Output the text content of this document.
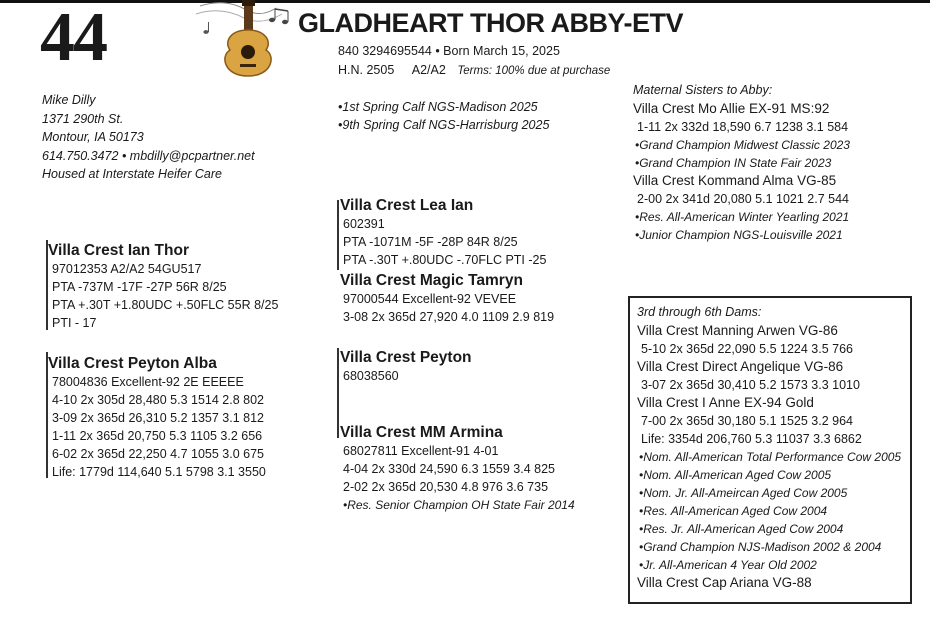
44	GLADHEART THOR ABBY-ETV
840 3294695544 • Born March 15, 2025
H.N. 2505 A2/A2 Terms: 100% due at purchase
•1st Spring Calf NGS-Madison 2025
•9th Spring Calf NGS-Harrisburg 2025
Mike Dilly
1371 290th St.
Montour, IA 50173
614.750.3472 • mbdilly@pcpartner.net
Housed at Interstate Heifer Care
Villa Crest Ian Thor
97012353 A2/A2 54GU517
PTA -737M -17F -27P 56R 8/25
PTA +.30T +1.80UDC +.50FLC 55R 8/25
PTI - 17
Villa Crest Peyton Alba
78004836 Excellent-92 2E EEEEE
4-10 2x 305d 28,480 5.3 1514 2.8 802
3-09 2x 365d 26,310 5.2 1357 3.1 812
1-11 2x 365d 20,750 5.3 1105 3.2 656
6-02 2x 365d 22,250 4.7 1055 3.0 675
Life: 1779d 114,640 5.1 5798 3.1 3550
Villa Crest Lea Ian
602391
PTA -1071M -5F -28P 84R 8/25
PTA -.30T +.80UDC -.70FLC PTI -25
Villa Crest Magic Tamryn
97000544 Excellent-92 VEVEE
3-08 2x 365d 27,920 4.0 1109 2.9 819
Villa Crest Peyton
68038560
Villa Crest MM Armina
68027811 Excellent-91 4-01
4-04 2x 330d 24,590 6.3 1559 3.4 825
2-02 2x 365d 20,530 4.8 976 3.6 735
•Res. Senior Champion OH State Fair 2014
Maternal Sisters to Abby:
Villa Crest Mo Allie EX-91 MS:92
1-11 2x 332d 18,590 6.7 1238 3.1 584
•Grand Champion Midwest Classic 2023
•Grand Champion IN State Fair 2023
Villa Crest Kommand Alma VG-85
2-00 2x 341d 20,080 5.1 1021 2.7 544
•Res. All-American Winter Yearling 2021
•Junior Champion NGS-Louisville 2021
3rd through 6th Dams:
Villa Crest Manning Arwen VG-86
5-10 2x 365d 22,090 5.5 1224 3.5 766
Villa Crest Direct Angelique VG-86
3-07 2x 365d 30,410 5.2 1573 3.3 1010
Villa Crest I Anne EX-94 Gold
7-00 2x 365d 30,180 5.1 1525 3.2 964
Life: 3354d 206,760 5.3 11037 3.3 6862
•Nom. All-American Total Performance Cow 2005
•Nom. All-American Aged Cow 2005
•Nom. Jr. All-Ameircan Aged Cow 2005
•Res. All-American Aged Cow 2004
•Res. Jr. All-American Aged Cow 2004
•Grand Champion NJS-Madison 2002 & 2004
•Jr. All-American 4 Year Old 2002
Villa Crest Cap Ariana VG-88
